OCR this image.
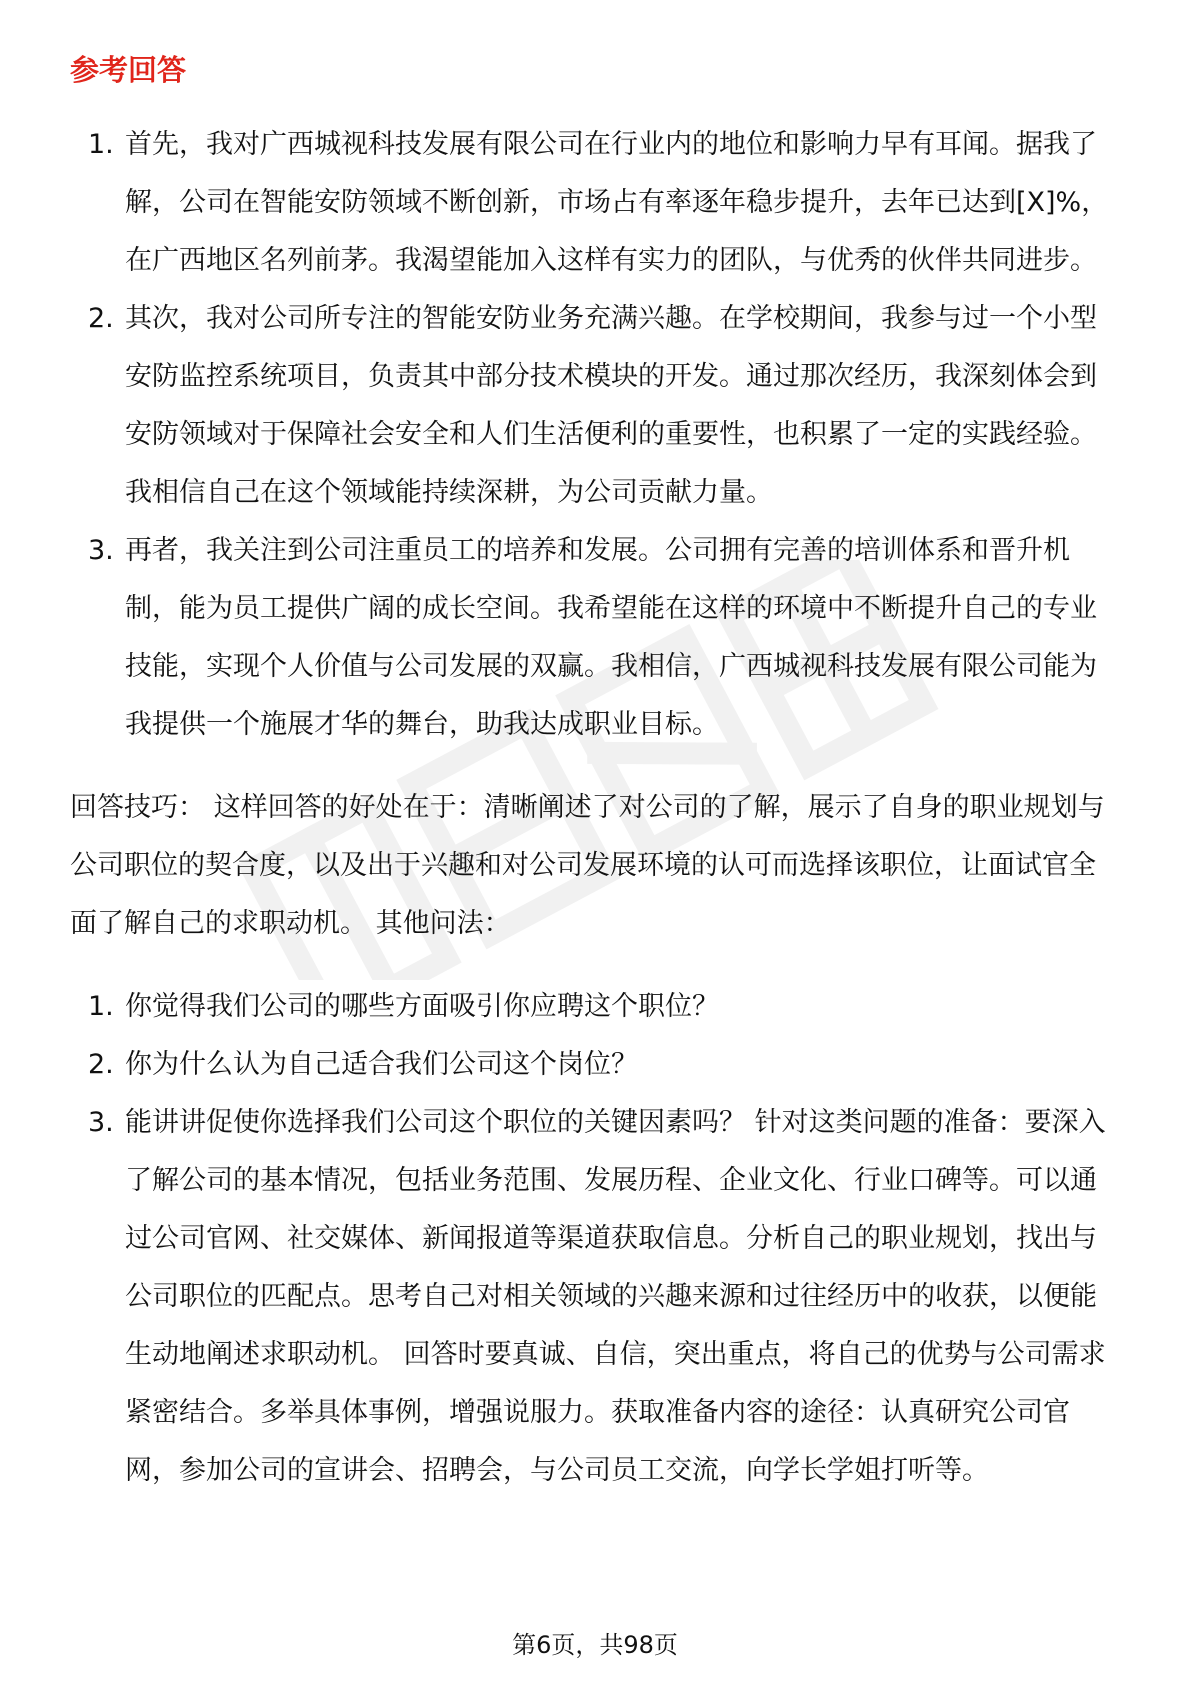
参考回答
1. 首先，我对广西城视科技发展有限公司在行业内的地位和影响力早有耳闻。据我了解，公司在智能安防领域不断创新，市场占有率逐年稳步提升，去年已达到[X]%，在广西地区名列前茅。我渴望能加入这样有实力的团队，与优秀的伙伴共同进步。
2. 其次，我对公司所专注的智能安防业务充满兴趣。在学校期间，我参与过一个小型安防监控系统项目，负责其中部分技术模块的开发。通过那次经历，我深刻体会到安防领域对于保障社会安全和人们生活便利的重要性，也积累了一定的实践经验。我相信自己在这个领域能持续深耕，为公司贡献力量。
3. 再者，我关注到公司注重员工的培养和发展。公司拥有完善的培训体系和晋升机制，能为员工提供广阔的成长空间。我希望能在这样的环境中不断提升自己的专业技能，实现个人价值与公司发展的双赢。我相信，广西城视科技发展有限公司能为我提供一个施展才华的舞台，助我达成职业目标。

回答技巧： 这样回答的好处在于：清晰阐述了对公司的了解，展示了自身的职业规划与公司职位的契合度，以及出于兴趣和对公司发展环境的认可而选择该职位，让面试官全面了解自己的求职动机。 其他问法：

1. 你觉得我们公司的哪些方面吸引你应聘这个职位？
2. 你为什么认为自己适合我们公司这个岗位？
3. 能讲讲促使你选择我们公司这个职位的关键因素吗？ 针对这类问题的准备：要深入了解公司的基本情况，包括业务范围、发展历程、企业文化、行业口碑等。可以通过公司官网、社交媒体、新闻报道等渠道获取信息。分析自己的职业规划，找出与公司职位的匹配点。思考自己对相关领域的兴趣来源和过往经历中的收获，以便能生动地阐述求职动机。 回答时要真诚、自信，突出重点，将自己的优势与公司需求紧密结合。多举具体事例，增强说服力。获取准备内容的途径：认真研究公司官网，参加公司的宣讲会、招聘会，与公司员工交流，向学长学姐打听等。
第6页，共98页
